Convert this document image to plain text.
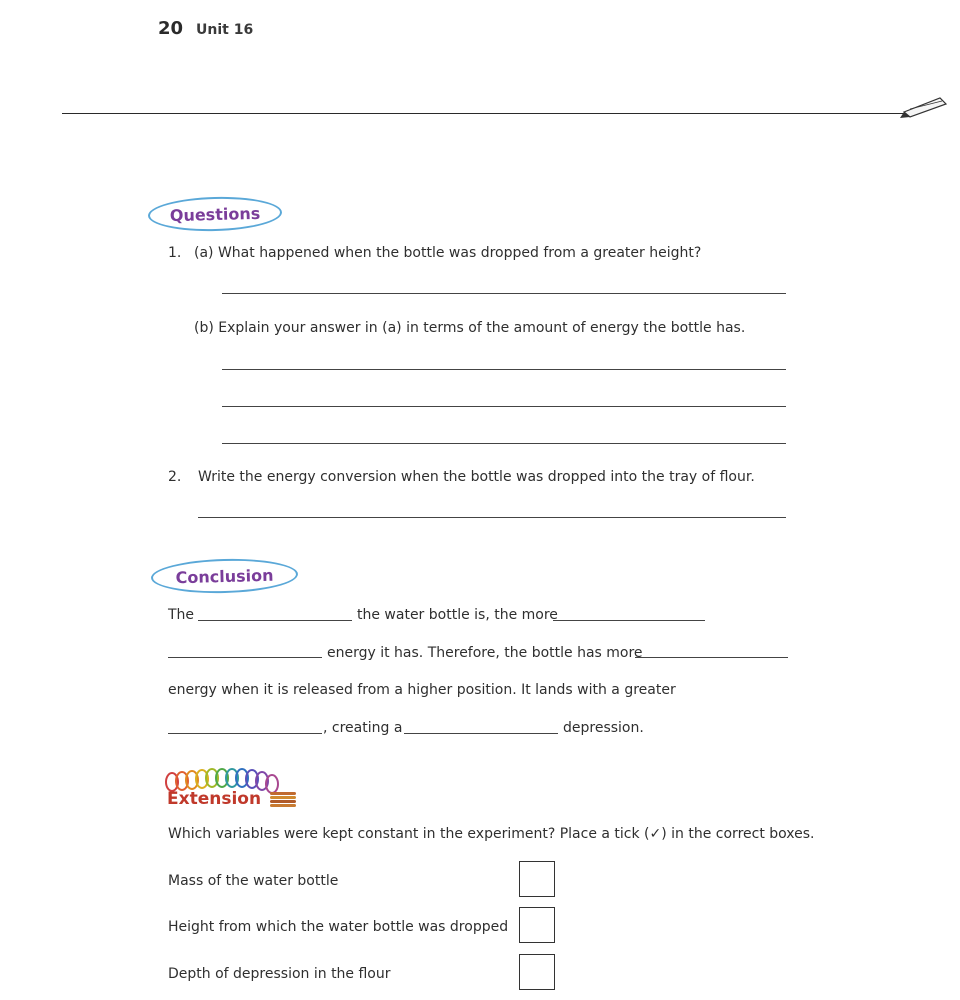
20 Unit 16
Questions
1. (a) What happened when the bottle was dropped from a greater height?
(b) Explain your answer in (a) in terms of the amount of energy the bottle has.
2. Write the energy conversion when the bottle was dropped into the tray of flour.
Conclusion
The	the water bottle is, the more
energy it has. Therefore, the bottle has more
energy when it is released from a higher position. It lands with a greater
, creating a	depression.
Extension
Which variables were kept constant in the experiment? Place a tick (✓) in the correct boxes.
Mass of the water bottle
Height from which the water bottle was dropped
Depth of depression in the flour
